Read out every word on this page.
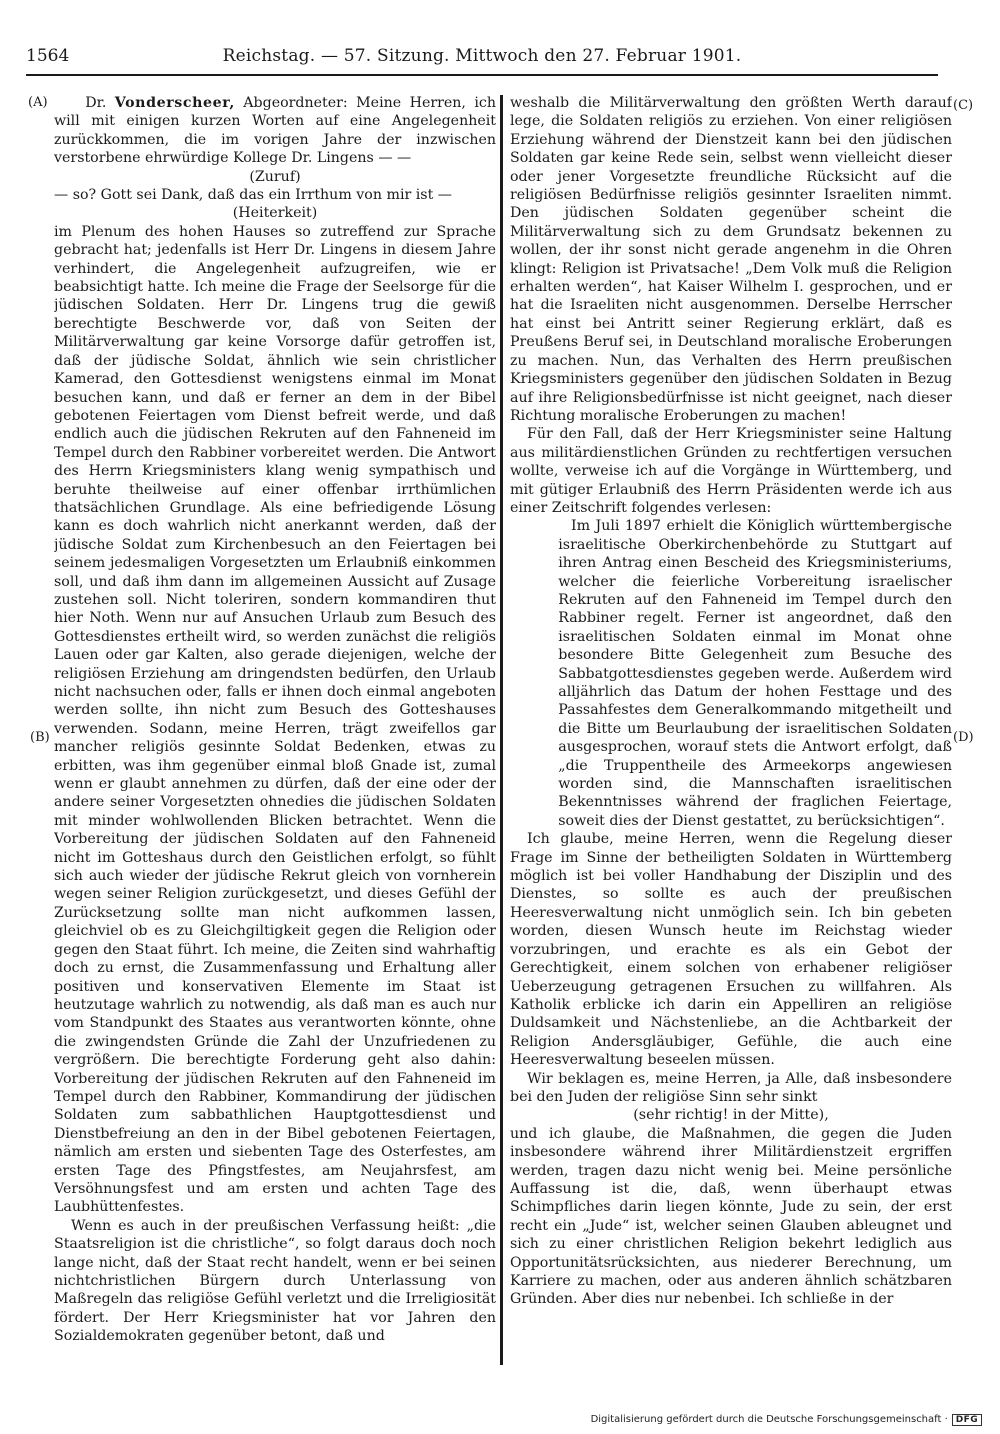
1564	Reichstag. — 57. Sitzung. Mittwoch den 27. Februar 1901.
(A)
(B)
(C)
(D)

Dr. Vonderscheer, Abgeordneter: Meine Herren, ich will mit einigen kurzen Worten auf eine Angelegenheit zurückkommen, die im vorigen Jahre der inzwischen verstorbene ehrwürdige Kollege Dr. Lingens — —

(Zuruf)

— so? Gott sei Dank, daß das ein Irrthum von mir ist —

(Heiterkeit)

im Plenum des hohen Hauses so zutreffend zur Sprache gebracht hat; jedenfalls ist Herr Dr. Lingens in diesem Jahre verhindert, die Angelegenheit aufzugreifen, wie er beabsichtigt hatte. Ich meine die Frage der Seelsorge für die jüdischen Soldaten. Herr Dr. Lingens trug die gewiß berechtigte Beschwerde vor, daß von Seiten der Militärverwaltung gar keine Vorsorge dafür getroffen ist, daß der jüdische Soldat, ähnlich wie sein christlicher Kamerad, den Gottesdienst wenigstens einmal im Monat besuchen kann, und daß er ferner an dem in der Bibel gebotenen Feiertagen vom Dienst befreit werde, und daß endlich auch die jüdischen Rekruten auf den Fahneneid im Tempel durch den Rabbiner vorbereitet werden. Die Antwort des Herrn Kriegsministers klang wenig sympathisch und beruhte theilweise auf einer offenbar irrthümlichen thatsächlichen Grundlage. Als eine befriedigende Lösung kann es doch wahrlich nicht anerkannt werden, daß der jüdische Soldat zum Kirchenbesuch an den Feiertagen bei seinem jedesmaligen Vorgesetzten um Erlaubniß einkommen soll, und daß ihm dann im allgemeinen Aussicht auf Zusage zustehen soll. Nicht toleriren, sondern kommandiren thut hier Noth. Wenn nur auf Ansuchen Urlaub zum Besuch des Gottesdienstes ertheilt wird, so werden zunächst die religiös Lauen oder gar Kalten, also gerade diejenigen, welche der religiösen Erziehung am dringendsten bedürfen, den Urlaub nicht nachsuchen oder, falls er ihnen doch einmal angeboten werden sollte, ihn nicht zum Besuch des Gotteshauses verwenden. Sodann, meine Herren, trägt zweifellos gar mancher religiös gesinnte Soldat Bedenken, etwas zu erbitten, was ihm gegenüber einmal bloß Gnade ist, zumal wenn er glaubt annehmen zu dürfen, daß der eine oder der andere seiner Vorgesetzten ohnedies die jüdischen Soldaten mit minder wohlwollenden Blicken betrachtet. Wenn die Vorbereitung der jüdischen Soldaten auf den Fahneneid nicht im Gotteshaus durch den Geistlichen erfolgt, so fühlt sich auch wieder der jüdische Rekrut gleich von vornherein wegen seiner Religion zurückgesetzt, und dieses Gefühl der Zurücksetzung sollte man nicht aufkommen lassen, gleichviel ob es zu Gleichgiltigkeit gegen die Religion oder gegen den Staat führt. Ich meine, die Zeiten sind wahrhaftig doch zu ernst, die Zusammenfassung und Erhaltung aller positiven und konservativen Elemente im Staat ist heutzutage wahrlich zu notwendig, als daß man es auch nur vom Standpunkt des Staates aus verantworten könnte, ohne die zwingendsten Gründe die Zahl der Unzufriedenen zu vergrößern. Die berechtigte Forderung geht also dahin: Vorbereitung der jüdischen Rekruten auf den Fahneneid im Tempel durch den Rabbiner, Kommandirung der jüdischen Soldaten zum sabbathlichen Hauptgottesdienst und Dienstbefreiung an den in der Bibel gebotenen Feiertagen, nämlich am ersten und siebenten Tage des Osterfestes, am ersten Tage des Pfingstfestes, am Neujahrsfest, am Versöhnungsfest und am ersten und achten Tage des Laubhüttenfestes.

Wenn es auch in der preußischen Verfassung heißt: „die Staatsreligion ist die christliche“, so folgt daraus doch noch lange nicht, daß der Staat recht handelt, wenn er bei seinen nichtchristlichen Bürgern durch Unterlassung von Maßregeln das religiöse Gefühl verletzt und die Irreligiosität fördert. Der Herr Kriegsminister hat vor Jahren den Sozialdemokraten gegenüber betont, daß und

weshalb die Militärverwaltung den größten Werth darauf lege, die Soldaten religiös zu erziehen. Von einer religiösen Erziehung während der Dienstzeit kann bei den jüdischen Soldaten gar keine Rede sein, selbst wenn vielleicht dieser oder jener Vorgesetzte freundliche Rücksicht auf die religiösen Bedürfnisse religiös gesinnter Israeliten nimmt. Den jüdischen Soldaten gegenüber scheint die Militärverwaltung sich zu dem Grundsatz bekennen zu wollen, der ihr sonst nicht gerade angenehm in die Ohren klingt: Religion ist Privatsache! „Dem Volk muß die Religion erhalten werden“, hat Kaiser Wilhelm I. gesprochen, und er hat die Israeliten nicht ausgenommen. Derselbe Herrscher hat einst bei Antritt seiner Regierung erklärt, daß es Preußens Beruf sei, in Deutschland moralische Eroberungen zu machen. Nun, das Verhalten des Herrn preußischen Kriegsministers gegenüber den jüdischen Soldaten in Bezug auf ihre Religionsbedürfnisse ist nicht geeignet, nach dieser Richtung moralische Eroberungen zu machen!

Für den Fall, daß der Herr Kriegsminister seine Haltung aus militärdienstlichen Gründen zu rechtfertigen versuchen wollte, verweise ich auf die Vorgänge in Württemberg, und mit gütiger Erlaubniß des Herrn Präsidenten werde ich aus einer Zeitschrift folgendes verlesen:

Im Juli 1897 erhielt die Königlich württembergische israelitische Oberkirchenbehörde zu Stuttgart auf ihren Antrag einen Bescheid des Kriegsministeriums, welcher die feierliche Vorbereitung israelischer Rekruten auf den Fahneneid im Tempel durch den Rabbiner regelt. Ferner ist angeordnet, daß den israelitischen Soldaten einmal im Monat ohne besondere Bitte Gelegenheit zum Besuche des Sabbatgottesdienstes gegeben werde. Außerdem wird alljährlich das Datum der hohen Festtage und des Passahfestes dem Generalkommando mitgetheilt und die Bitte um Beurlaubung der israelitischen Soldaten ausgesprochen, worauf stets die Antwort erfolgt, daß „die Truppentheile des Armeekorps angewiesen worden sind, die Mannschaften israelitischen Bekenntnisses während der fraglichen Feiertage, soweit dies der Dienst gestattet, zu berücksichtigen“.

Ich glaube, meine Herren, wenn die Regelung dieser Frage im Sinne der betheiligten Soldaten in Württemberg möglich ist bei voller Handhabung der Disziplin und des Dienstes, so sollte es auch der preußischen Heeresverwaltung nicht unmöglich sein. Ich bin gebeten worden, diesen Wunsch heute im Reichstag wieder vorzubringen, und erachte es als ein Gebot der Gerechtigkeit, einem solchen von erhabener religiöser Ueberzeugung getragenen Ersuchen zu willfahren. Als Katholik erblicke ich darin ein Appelliren an religiöse Duldsamkeit und Nächstenliebe, an die Achtbarkeit der Religion Andersgläubiger, Gefühle, die auch eine Heeresverwaltung beseelen müssen.

Wir beklagen es, meine Herren, ja Alle, daß insbesondere bei den Juden der religiöse Sinn sehr sinkt

(sehr richtig! in der Mitte),

und ich glaube, die Maßnahmen, die gegen die Juden insbesondere während ihrer Militärdienstzeit ergriffen werden, tragen dazu nicht wenig bei. Meine persönliche Auffassung ist die, daß, wenn überhaupt etwas Schimpfliches darin liegen könnte, Jude zu sein, der erst recht ein „Jude“ ist, welcher seinen Glauben ableugnet und sich zu einer christlichen Religion bekehrt lediglich aus Opportunitätsrücksichten, aus niederer Berechnung, um Karriere zu machen, oder aus anderen ähnlich schätzbaren Gründen. Aber dies nur nebenbei. Ich schließe in der

Digitalisierung gefördert durch die Deutsche Forschungsgemeinschaft · DFG
